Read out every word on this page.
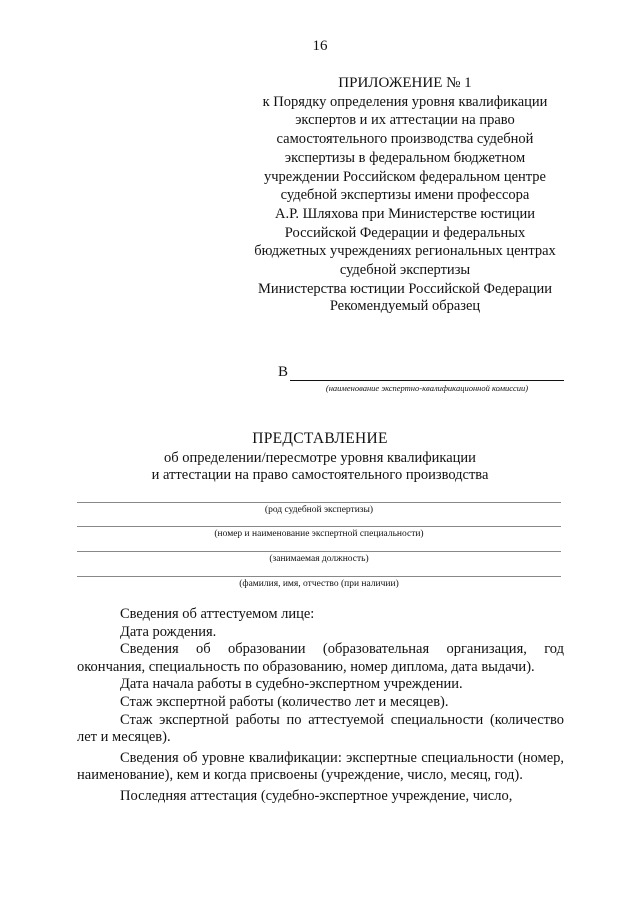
16
ПРИЛОЖЕНИЕ № 1
к Порядку определения уровня квалификации
экспертов и их аттестации на право
самостоятельного производства судебной
экспертизы в федеральном бюджетном
учреждении Российском федеральном центре
судебной экспертизы имени профессора
А.Р. Шляхова при Министерстве юстиции
Российской Федерации и федеральных
бюджетных учреждениях региональных центрах
судебной экспертизы
Министерства юстиции Российской Федерации
Рекомендуемый образец
В
(наименование экспертно-квалификационной комиссии)
ПРЕДСТАВЛЕНИЕ
об определении/пересмотре уровня квалификации
и аттестации на право самостоятельного производства
(род судебной экспертизы)
(номер и наименование экспертной специальности)
(занимаемая должность)
(фамилия, имя, отчество (при наличии)

Сведения об аттестуемом лице:

Дата рождения.

Сведения об образовании (образовательная организация, год окончания, специальность по образованию, номер диплома, дата выдачи).

Дата начала работы в судебно-экспертном учреждении.

Стаж экспертной работы (количество лет и месяцев).

Стаж экспертной работы по аттестуемой специальности (количество лет и месяцев).

Сведения об уровне квалификации: экспертные специальности (номер, наименование), кем и когда присвоены (учреждение, число, месяц, год).

Последняя аттестация (судебно-экспертное учреждение, число,
